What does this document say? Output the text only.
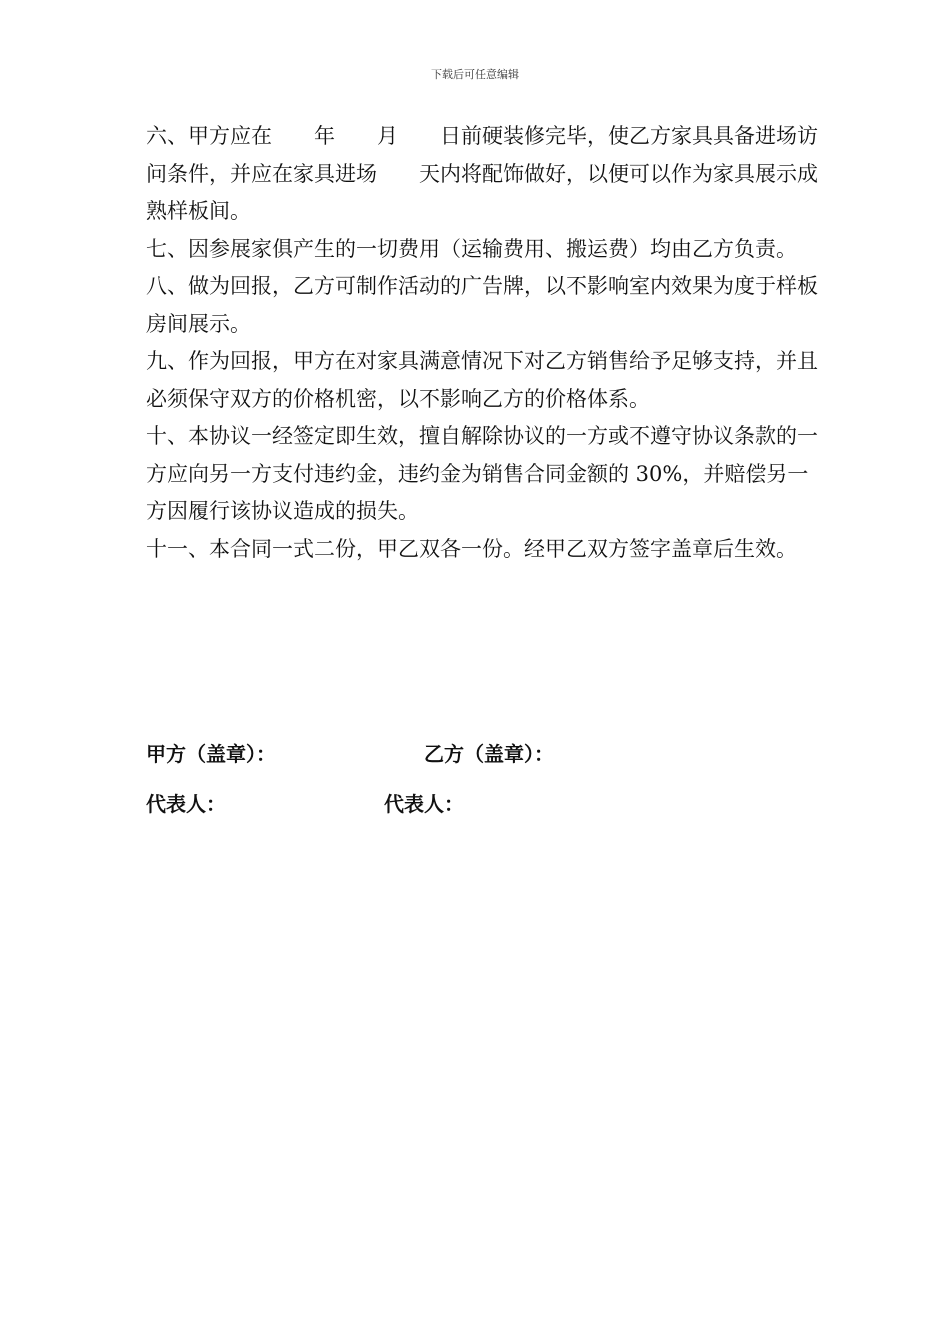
下载后可任意编辑

六、甲方应在　　年　　月　　日前硬装修完毕，使乙方家具具备进场访问条件，并应在家具进场　　天内将配饰做好，以便可以作为家具展示成熟样板间。

七、因参展家俱产生的一切费用（运输费用、搬运费）均由乙方负责。

八、做为回报，乙方可制作活动的广告牌，以不影响室内效果为度于样板房间展示。

九、作为回报，甲方在对家具满意情况下对乙方销售给予足够支持，并且必须保守双方的价格机密，以不影响乙方的价格体系。

十、本协议一经签定即生效，擅自解除协议的一方或不遵守协议条款的一方应向另一方支付违约金，违约金为销售合同金额的 30%，并赔偿另一方因履行该协议造成的损失。

十一、本合同一式二份，甲乙双各一份。经甲乙双方签字盖章后生效。

甲方（盖章）：	乙方（盖章）：
代表人：	代表人：
